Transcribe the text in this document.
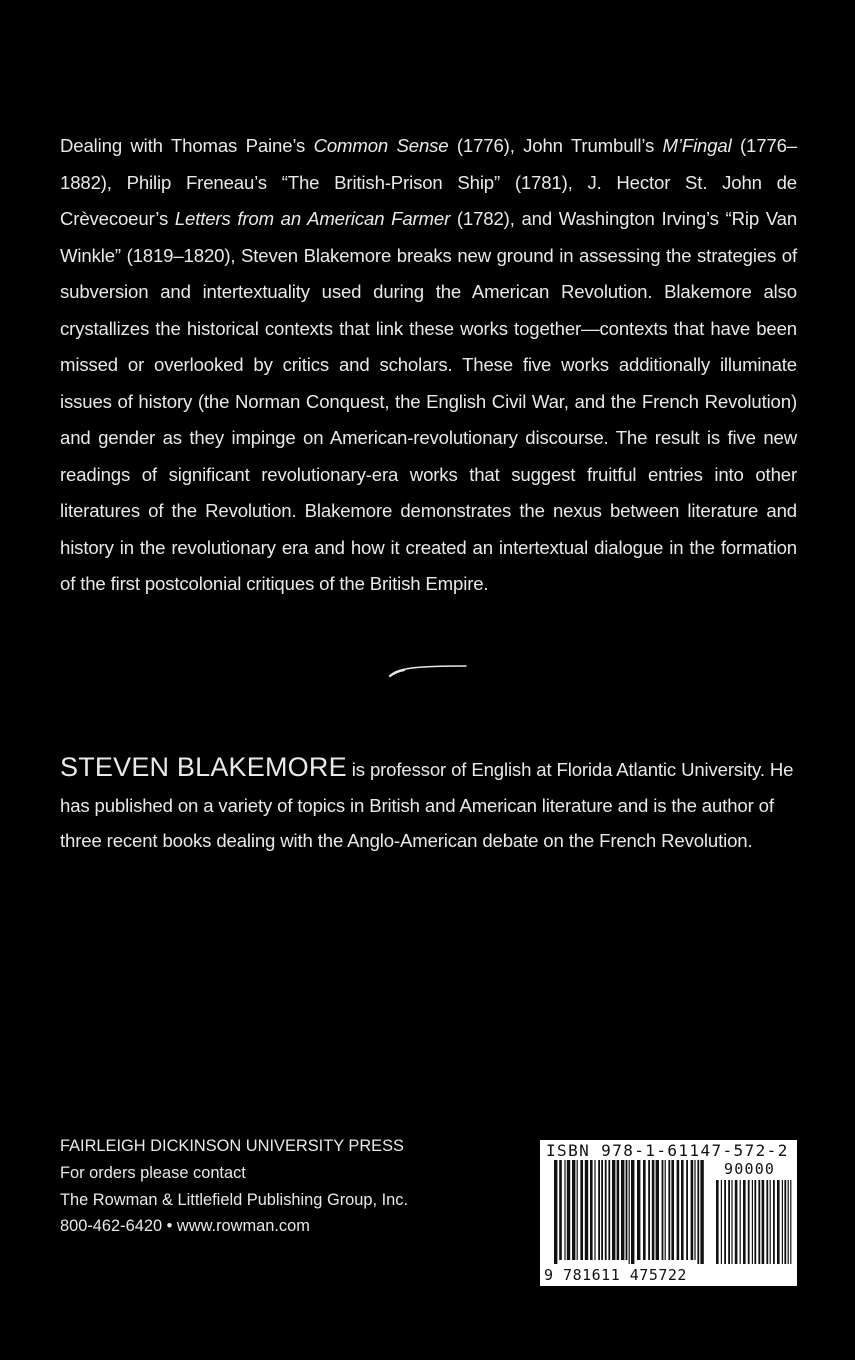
Dealing with Thomas Paine’s Common Sense (1776), John Trumbull’s M’Fingal (1776–1882), Philip Freneau’s “The British-Prison Ship” (1781), J. Hector St. John de Crèvecoeur’s Letters from an American Farmer (1782), and Washington Irving’s “Rip Van Winkle” (1819–1820), Steven Blakemore breaks new ground in assessing the strategies of subversion and intertextuality used during the American Revolution. Blakemore also crystallizes the historical contexts that link these works together—contexts that have been missed or overlooked by critics and scholars. These five works additionally illuminate issues of history (the Norman Conquest, the English Civil War, and the French Revolution) and gender as they impinge on American-revolutionary discourse. The result is five new readings of significant revolutionary-era works that suggest fruitful entries into other literatures of the Revolution. Blakemore demonstrates the nexus between literature and history in the revolutionary era and how it created an intertextual dialogue in the formation of the first postcolonial critiques of the British Empire.

STEVEN BLAKEMORE is professor of English at Florida Atlantic University. He has published on a variety of topics in British and American literature and is the author of three recent books dealing with the Anglo-American debate on the French Revolution.

FAIRLEIGH DICKINSON UNIVERSITY PRESS
For orders please contact
The Rowman & Littlefield Publishing Group, Inc.
800-462-6420 • www.rowman.com
ISBN 978-1-61147-572-2
90000
9 781611 475722
